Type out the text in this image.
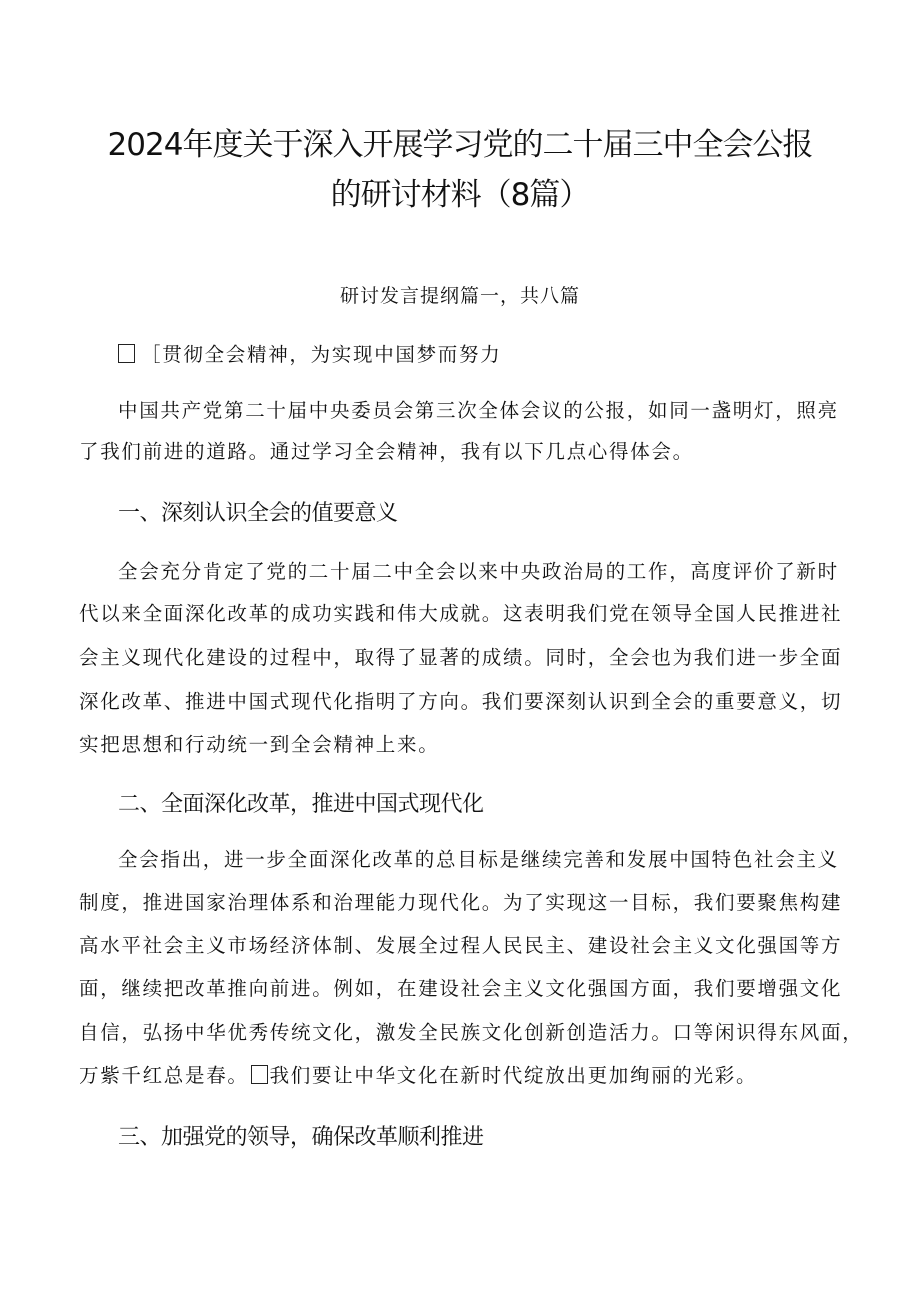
2024年度关于深入开展学习党的二十届三中全会公报
的研讨材料（8篇）
研讨发言提纲篇一，共八篇
［贯彻全会精神，为实现中国梦而努力
中国共产党第二十届中央委员会第三次全体会议的公报，如同一盏明灯，照亮
了我们前进的道路。通过学习全会精神，我有以下几点心得体会。
一、深刻认识全会的值要意义
全会充分肯定了党的二十届二中全会以来中央政治局的工作，高度评价了新时
代以来全面深化改革的成功实践和伟大成就。这表明我们党在领导全国人民推进社
会主义现代化建设的过程中，取得了显著的成绩。同时，全会也为我们进一步全面
深化改革、推进中国式现代化指明了方向。我们要深刻认识到全会的重要意义，切
实把思想和行动统一到全会精神上来。
二、全面深化改革，推进中国式现代化
全会指出，进一步全面深化改革的总目标是继续完善和发展中国特色社会主义
制度，推进国家治理体系和治理能力现代化。为了实现这一目标，我们要聚焦构建
高水平社会主义市场经济体制、发展全过程人民民主、建设社会主义文化强国等方
面，继续把改革推向前进。例如，在建设社会主义文化强国方面，我们要增强文化
自信，弘扬中华优秀传统文化，激发全民族文化创新创造活力。口等闲识得东风面，
万紫千红总是春。 我们要让中华文化在新时代绽放出更加绚丽的光彩。
三、加强党的领导，确保改革顺利推进
